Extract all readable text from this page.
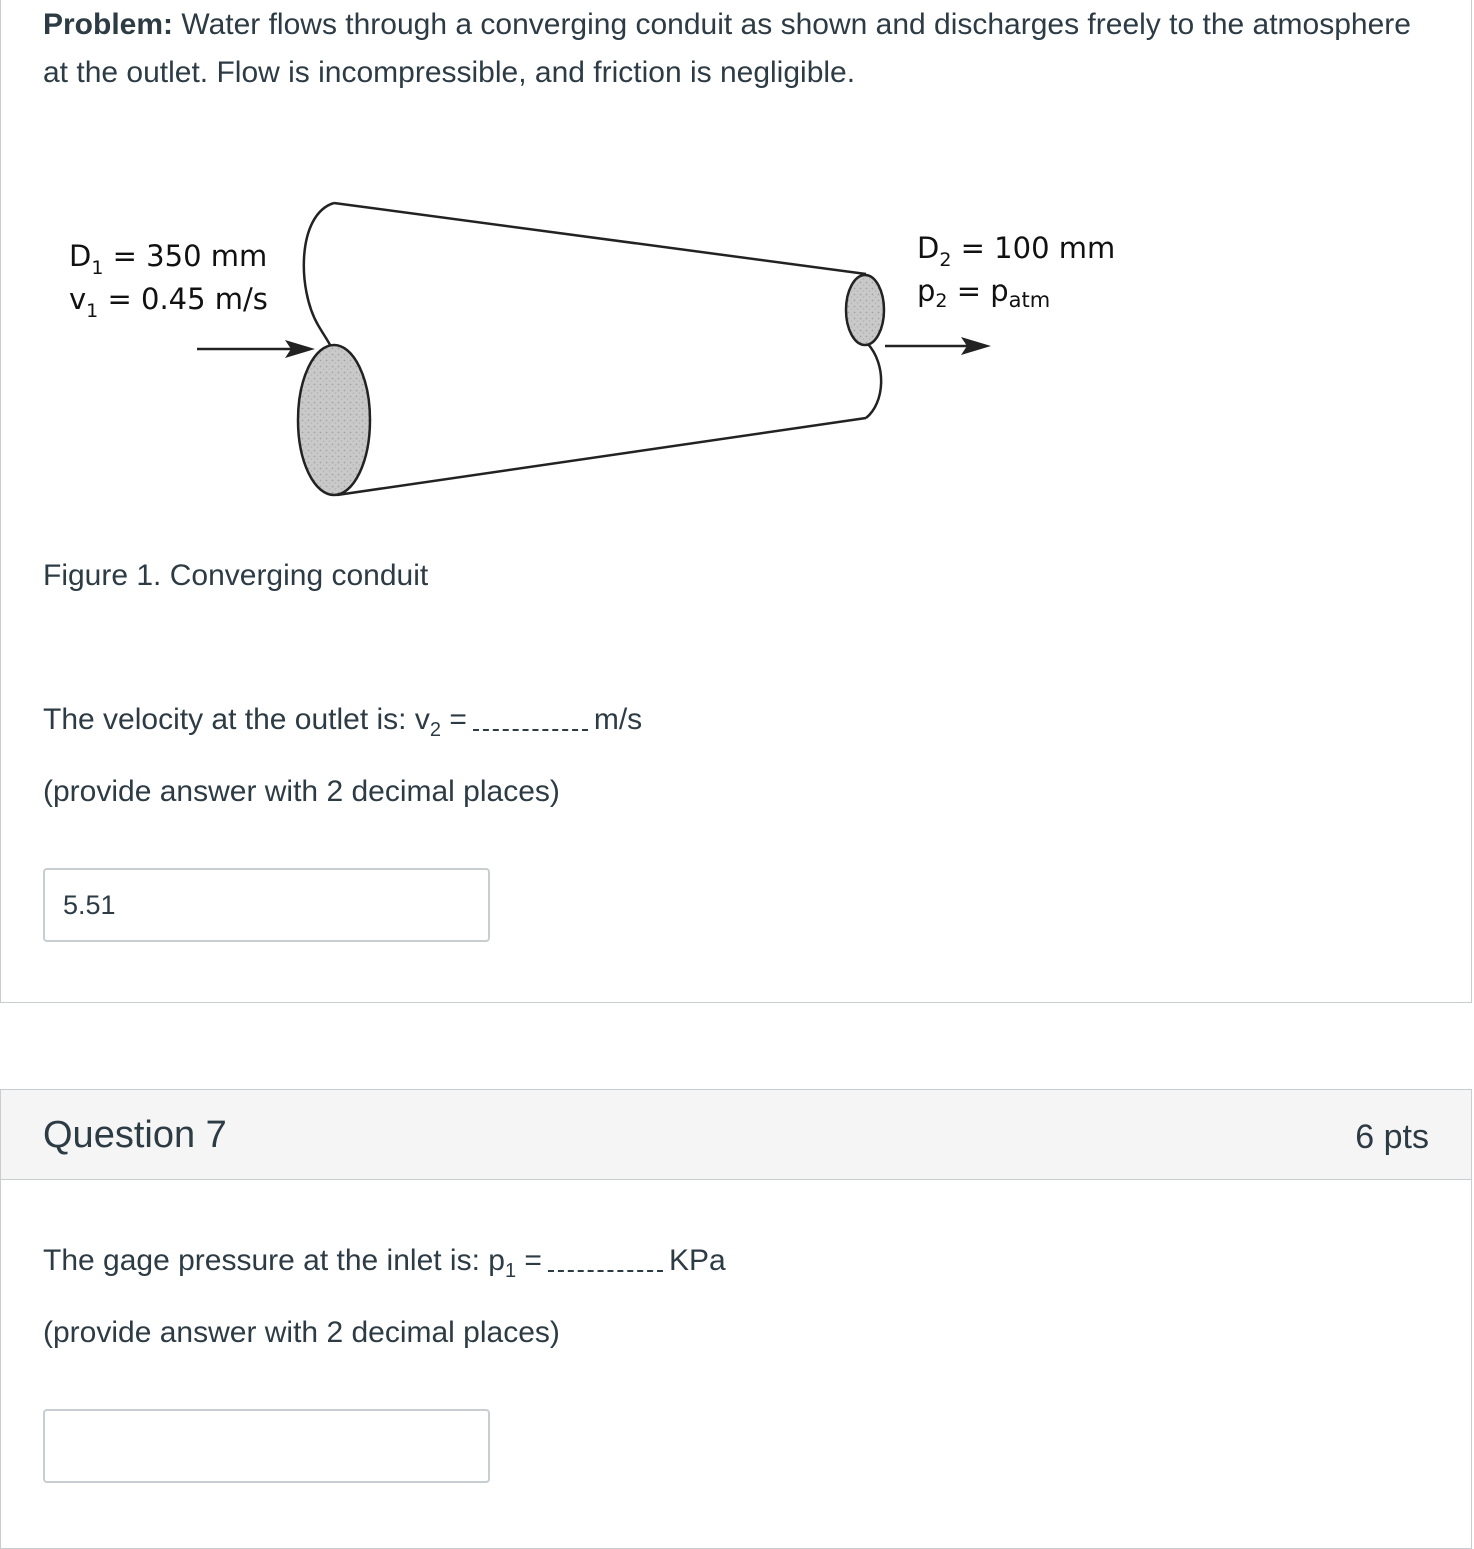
Problem: Water flows through a converging conduit as shown and discharges freely to the atmosphere at the outlet. Flow is incompressible, and friction is negligible.

$D_1 = 350$ mm
$v_1 = 0.45$ m/s
$D_2 = 100$ mm
$p_2 = p_{atm}$

Figure 1. Converging conduit

The velocity at the outlet is: $v_2$ =	m/s

(provide answer with 2 decimal places)

5.51

Question 7	6 pts

The gage pressure at the inlet is: $p_1$ =	KPa

(provide answer with 2 decimal places)
